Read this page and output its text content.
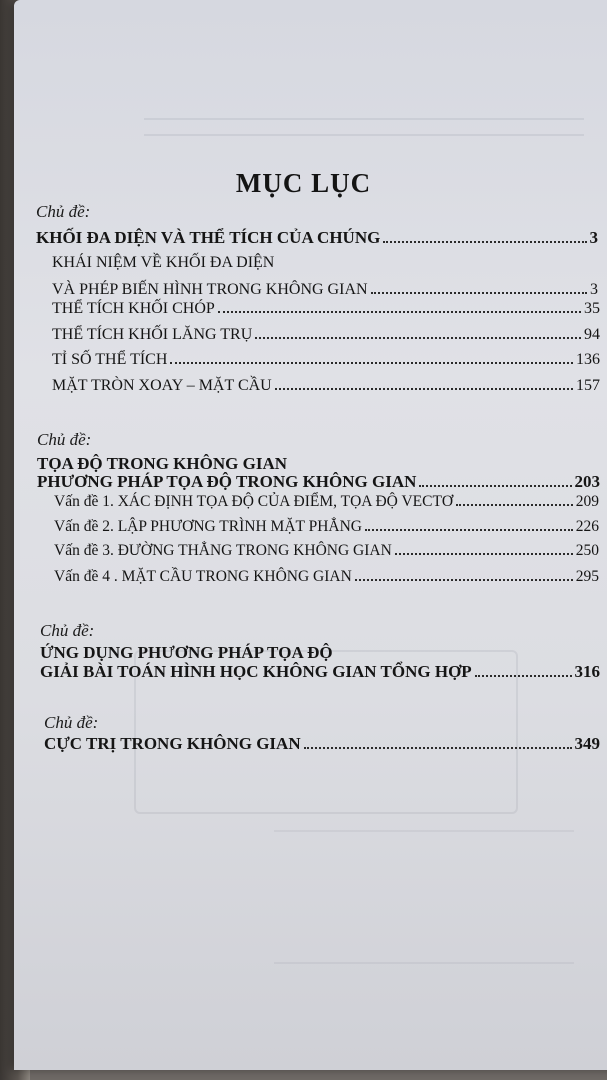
MỤC LỤC
Chủ đề:
KHỐI ĐA DIỆN VÀ THỂ TÍCH CỦA CHÚNG	3
KHÁI NIỆM VỀ KHỐI ĐA DIỆN
VÀ PHÉP BIẾN HÌNH TRONG KHÔNG GIAN	3
THỂ TÍCH KHỐI CHÓP	35
THỂ TÍCH KHỐI LĂNG TRỤ	94
TỈ SỐ THỂ TÍCH	136
MẶT TRÒN XOAY – MẶT CẦU	157
Chủ đề:
TỌA ĐỘ TRONG KHÔNG GIAN
PHƯƠNG PHÁP TỌA ĐỘ TRONG KHÔNG GIAN	203
Vấn đề 1. XÁC ĐỊNH TỌA ĐỘ CỦA ĐIỂM, TỌA ĐỘ VECTƠ	209
Vấn đề 2. LẬP PHƯƠNG TRÌNH MẶT PHẲNG	226
Vấn đề 3. ĐƯỜNG THẲNG TRONG KHÔNG GIAN	250
Vấn đề 4 . MẶT CẦU TRONG KHÔNG GIAN	295
Chủ đề:
ỨNG DỤNG PHƯƠNG PHÁP TỌA ĐỘ
GIẢI BÀI TOÁN HÌNH HỌC KHÔNG GIAN TỔNG HỢP	316
Chủ đề:
CỰC TRỊ TRONG KHÔNG GIAN	349
